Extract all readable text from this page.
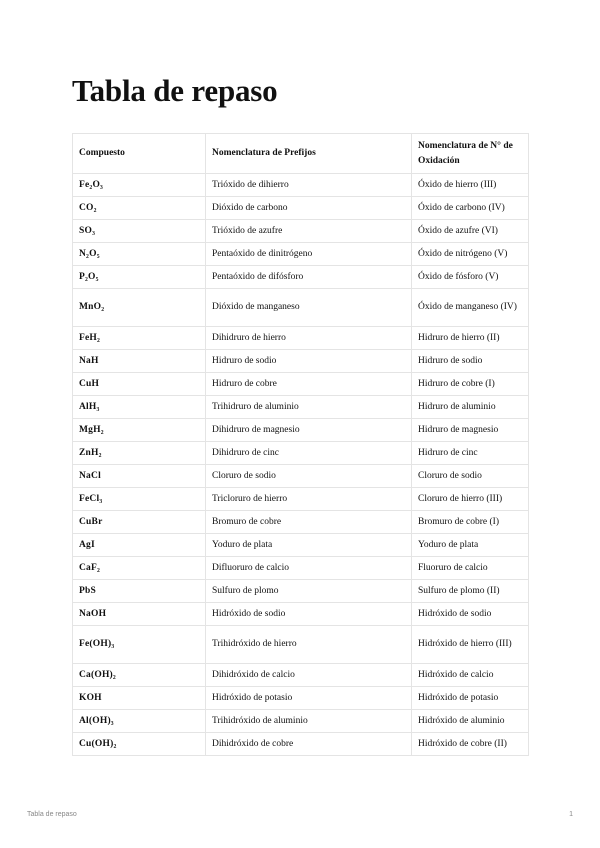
Tabla de repaso
Compuesto	Nomenclatura de Prefijos	Nomenclatura de N° de Oxidación
Fe₂O₃	Trióxido de dihierro	Óxido de hierro (III)
CO₂	Dióxido de carbono	Óxido de carbono (IV)
SO₃	Trióxido de azufre	Óxido de azufre (VI)
N₂O₅	Pentaóxido de dinitrógeno	Óxido de nitrógeno (V)
P₂O₅	Pentaóxido de difósforo	Óxido de fósforo (V)
MnO₂	Dióxido de manganeso	Óxido de manganeso (IV)
FeH₂	Dihidruro de hierro	Hidruro de hierro (II)
NaH	Hidruro de sodio	Hidruro de sodio
CuH	Hidruro de cobre	Hidruro de cobre (I)
AlH₃	Trihidruro de aluminio	Hidruro de aluminio
MgH₂	Dihidruro de magnesio	Hidruro de magnesio
ZnH₂	Dihidruro de cinc	Hidruro de cinc
NaCl	Cloruro de sodio	Cloruro de sodio
FeCl₃	Tricloruro de hierro	Cloruro de hierro (III)
CuBr	Bromuro de cobre	Bromuro de cobre (I)
AgI	Yoduro de plata	Yoduro de plata
CaF₂	Difluoruro de calcio	Fluoruro de calcio
PbS	Sulfuro de plomo	Sulfuro de plomo (II)
NaOH	Hidróxido de sodio	Hidróxido de sodio
Fe(OH)₃	Trihidróxido de hierro	Hidróxido de hierro (III)
Ca(OH)₂	Dihidróxido de calcio	Hidróxido de calcio
KOH	Hidróxido de potasio	Hidróxido de potasio
Al(OH)₃	Trihidróxido de aluminio	Hidróxido de aluminio
Cu(OH)₂	Dihidróxido de cobre	Hidróxido de cobre (II)
Tabla de repaso	1
